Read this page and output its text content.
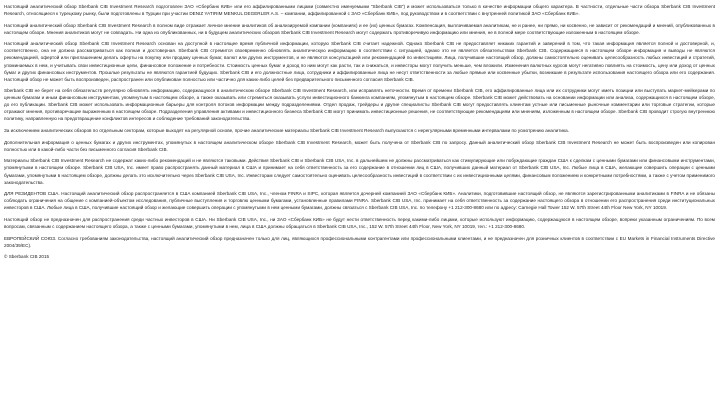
Настоящий аналитический обзор Sberbank CIB Investment Research подготовлен ЗАО «Сбербанк КИБ» или его аффилированными лицами (совместно именуемыми “Sberbank CIB”) и может использоваться только в качестве информации общего характера. В частности, отдельные части обзора Sberbank CIB Investment Research, относящиеся к турецкому рынку, были подготовлены в Турции при участии DENIZ YATIRIM MENKUL DEGERLER A.S. – компании, аффилированной с ЗАО «Сбербанк КИБ», под руководством и в соответствии с внутренней политикой ЗАО «Сбербанк КИБ».

Настоящий аналитический обзор Sberbank CIB Investment Research в полном виде отражает личное мнение аналитиков об анализируемой компании (компаниях) и ее (их) ценных бумагах. Компенсация, выплачиваемая аналитикам, не и ранее, ни прямо, ни косвенно, не зависит от рекомендаций и мнений, опубликованных в настоящем обзоре. Мнения аналитиков могут не совпадать. Ни одна из опубликованных, ни в будущем аналитических обзоров Sberbank CIB Investment Research могут содержать противоречивую информацию или мнения, не в полной мере соответствующие изложенным в настоящем обзоре.

Настоящий аналитический обзор Sberbank CIB Investment Research основан на доступной в настоящее время публичной информации, которую Sberbank CIB считает надежной. Однако Sberbank CIB не предоставляет никаких гарантий и заверений в том, что такая информация является полной и достоверной, и, соответственно, она не должна рассматриваться как полная и достоверная. Sberbank CIB стремится своевременно обновлять аналитическую информацию в соответствии с ситуацией, однако это не является обязательством Sberbank CIB. Содержащиеся в настоящем обзоре информация и выводы не являются рекомендацией, офертой или приглашением делать оферты на покупку или продажу ценных бумаг, валют или других инструментов, и не являются консультацией или рекомендацией по инвестициям. Лица, получившие настоящий обзор, должны самостоятельно оценивать целесообразность любых инвестиций и стратегий, упоминаемых в нем, и учитывать свои инвестиционные цели, финансовое положение и потребности. Стоимость ценных бумаг и доход по ним могут как расти, так и снижаться, и инвесторы могут получить меньше, чем вложили. Изменения валютных курсов могут негативно повлиять на стоимость, цену или доход от ценных бумаг и других финансовых инструментов. Прошлые результаты не являются гарантией будущих. Sberbank CIB и его должностные лица, сотрудники и аффилированные лица не несут ответственности за любые прямые или косвенные убытки, возникшие в результате использования настоящего обзора или его содержания. Настоящий обзор не может быть воспроизведен, распространен или опубликован полностью или частично для каких-либо целей без предварительного письменного согласия Sberbank CIB.

Sberbank CIB не берет на себя обязательств регулярно обновлять информацию, содержащуюся в аналитическом обзоре Sberbank CIB Investment Research, или исправлять неточности. Время от времени Sberbank CIB, его аффилированные лица или их сотрудники могут иметь позиции или выступать маркет-мейкерами по ценным бумагам и иным финансовым инструментам, упомянутым в настоящем обзоре, а также оказывать или стремиться оказывать услуги инвестиционного банкинга компаниям, упомянутым в настоящем обзоре. Sberbank CIB может действовать на основании информации или анализа, содержащихся в настоящем обзоре, до его публикации. Sberbank CIB может использовать информационные барьеры для контроля потоков информации между подразделениями. Отдел продаж, трейдеры и другие специалисты Sberbank CIB могут предоставлять клиентам устные или письменные рыночные комментарии или торговые стратегии, которые отражают мнения, противоречащие выраженным в настоящем обзоре. Подразделения управления активами и инвестиционного бизнеса Sberbank CIB могут принимать инвестиционные решения, не соответствующие рекомендациям или мнениям, изложенным в настоящем обзоре. Sberbank CIB проводит строгую внутреннюю политику, направленную на предотвращение конфликтов интересов и соблюдение требований законодательства.

За исключением аналитических обзоров по отдельным секторам, которые выходят на регулярной основе, прочие аналитические материалы Sberbank CIB Investment Research выпускаются с нерегулярными временными интервалами по усмотрению аналитика.

Дополнительная информация о ценных бумагах и других инструментах, упомянутых в настоящем аналитическом обзоре Sberbank CIB Investment Research, может быть получена от Sberbank CIB по запросу. Данный аналитический обзор Sberbank CIB Investment Research не может быть воспроизведен или копирован полностью или в какой-либо части без письменного согласия Sberbank CIB.

Материалы Sberbank CIB Investment Research не содержат каких-либо рекомендаций и не являются таковыми. Действия Sberbank CIB и Sberbank CIB USA, Inc. в дальнейшем не должны рассматриваться как стимулирующие или побуждающие граждан США к сделкам с ценными бумагами или финансовыми инструментами, упомянутыми в настоящем обзоре. Sberbank CIB USA, Inc. имеет право распространять данный материал в США и принимает на себя ответственность за его содержание в отношении лиц в США, получивших данный материал от Sberbank CIB USA, Inc. Любые лица в США, желающие совершить операции с ценными бумагами, упомянутыми в настоящем обзоре, должны делать это исключительно через Sberbank CIB USA, Inc. Инвесторам следует самостоятельно оценивать целесообразность инвестиций в соответствии с их инвестиционными целями, финансовым положением и конкретными потребностями, а также с учетом применимого законодательства.

ДЛЯ РЕЗИДЕНТОВ США. Настоящий аналитический обзор распространяется в США компанией Sberbank CIB USA, Inc., членом FINRA и SIPC, которая является дочерней компанией ЗАО «Сбербанк КИБ». Аналитики, подготовившие настоящий обзор, не являются зарегистрированными аналитиками в FINRA и не обязаны соблюдать ограничения на общение с компанией-объектом исследования, публичные выступления и торговлю ценными бумагами, установленные правилами FINRA. Sberbank CIB USA, Inc. принимает на себя ответственность за содержание настоящего обзора в отношении его распространения среди институциональных инвесторов в США. Любые лица в США, получившие настоящий обзор и желающие совершить операции с упомянутыми в нем ценными бумагами, должны связаться с Sberbank CIB USA, Inc. по телефону +1 212-300-8680 или по адресу: Carnegie Hall Tower 152 W. 57th Street 44th Floor New York, NY 10019.

Настоящий обзор не предназначен для распространения среди частных инвесторов в США. Ни Sberbank CIB USA, Inc., ни ЗАО «Сбербанк КИБ» не будут нести ответственность перед какими-либо лицами, которые используют информацию, содержащуюся в настоящем обзоре, вопреки указанным ограничениям. По всем вопросам, связанным с содержанием настоящего обзора, а также с ценными бумагами, упомянутыми в нем, лица в США должны обращаться в Sberbank CIB USA, Inc., 152 W. 57th Street 44th Floor, New York, NY 10019, тел.: +1 212-300-8680.

ЕВРОПЕЙСКИЙ СОЮЗ. Согласно требованиям законодательства, настоящий аналитический обзор предназначен только для лиц, являющихся профессиональными контрагентами или профессиональными клиентами, и не предназначен для розничных клиентов в соответствии с EU Markets in Financial Instruments Directive 2004/39/EC).

© Sberbank CIB 2015
